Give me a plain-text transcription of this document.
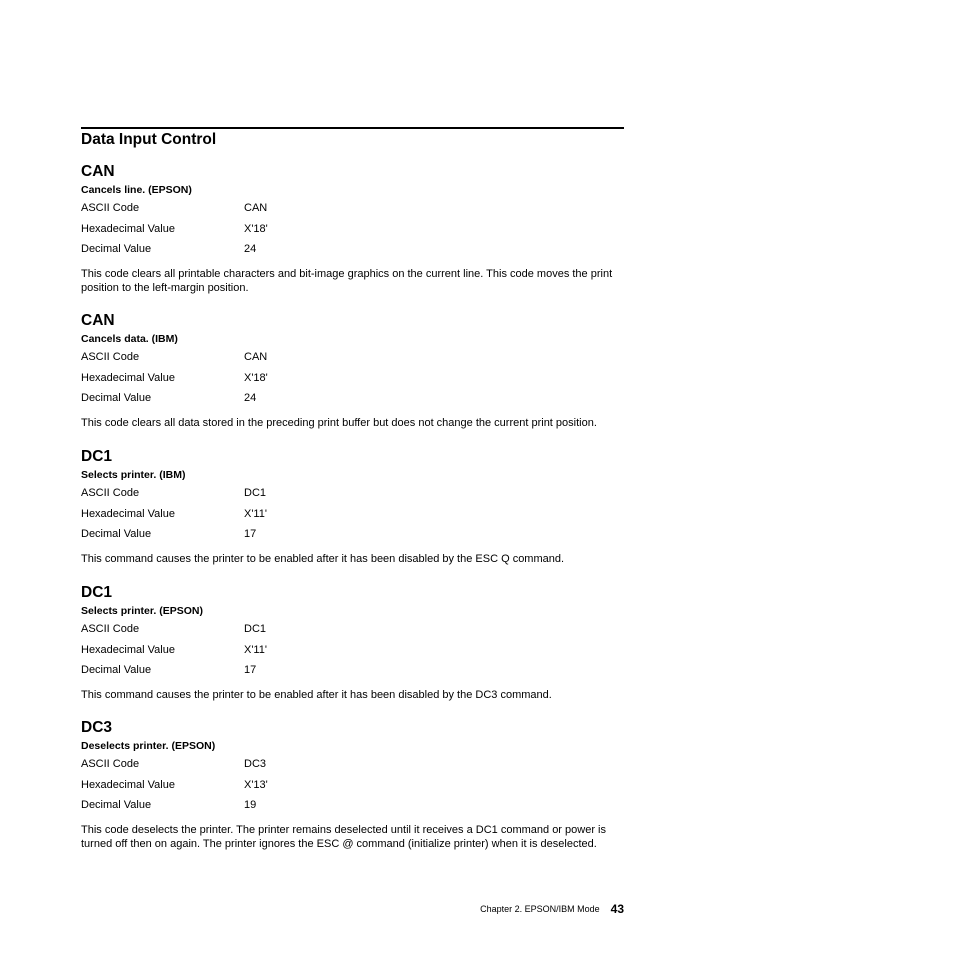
Data Input Control
CAN
Cancels line. (EPSON)
ASCII Code	CAN
Hexadecimal Value	X'18'
Decimal Value	24
This code clears all printable characters and bit-image graphics on the current line. This code moves the print position to the left-margin position.
CAN
Cancels data. (IBM)
ASCII Code	CAN
Hexadecimal Value	X'18'
Decimal Value	24
This code clears all data stored in the preceding print buffer but does not change the current print position.
DC1
Selects printer. (IBM)
ASCII Code	DC1
Hexadecimal Value	X'11'
Decimal Value	17
This command causes the printer to be enabled after it has been disabled by the ESC Q command.
DC1
Selects printer. (EPSON)
ASCII Code	DC1
Hexadecimal Value	X'11'
Decimal Value	17
This command causes the printer to be enabled after it has been disabled by the DC3 command.
DC3
Deselects printer. (EPSON)
ASCII Code	DC3
Hexadecimal Value	X'13'
Decimal Value	19
This code deselects the printer. The printer remains deselected until it receives a DC1 command or power is turned off then on again. The printer ignores the ESC @ command (initialize printer) when it is deselected.
Chapter 2. EPSON/IBM Mode 43
